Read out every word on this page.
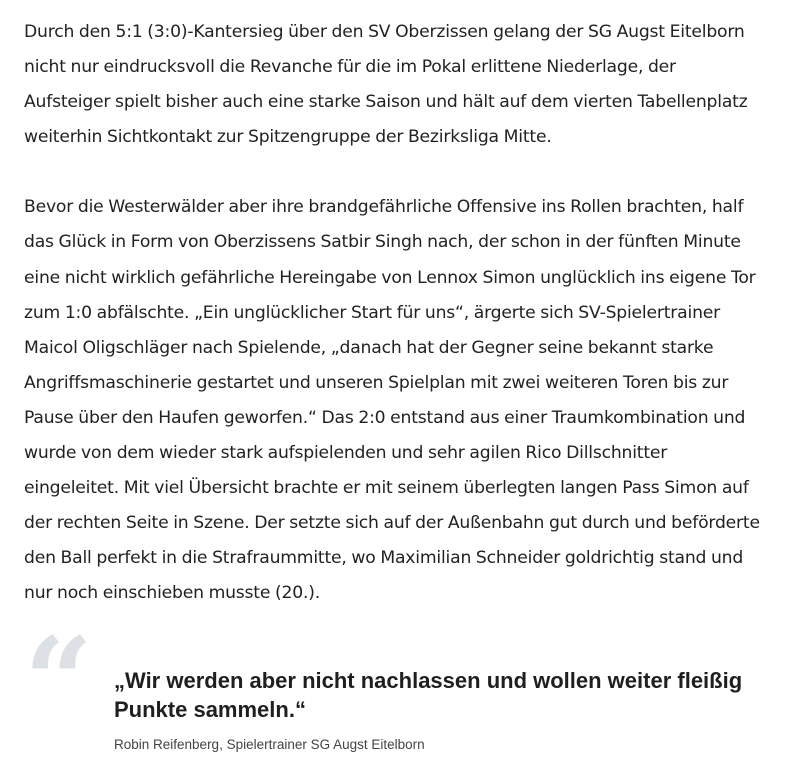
Durch den 5:1 (3:0)-Kantersieg über den SV Oberzissen gelang der SG Augst Eitelborn nicht nur eindrucksvoll die Revanche für die im Pokal erlittene Niederlage, der Aufsteiger spielt bisher auch eine starke Saison und hält auf dem vierten Tabellenplatz weiterhin Sichtkontakt zur Spitzengruppe der Bezirksliga Mitte.

Bevor die Westerwälder aber ihre brandgefährliche Offensive ins Rollen brachten, half das Glück in Form von Oberzissens Satbir Singh nach, der schon in der fünften Minute eine nicht wirklich gefährliche Hereingabe von Lennox Simon unglücklich ins eigene Tor zum 1:0 abfälschte. „Ein unglücklicher Start für uns“, ärgerte sich SV-Spielertrainer Maicol Oligschläger nach Spielende, „danach hat der Gegner seine bekannt starke Angriffsmaschinerie gestartet und unseren Spielplan mit zwei weiteren Toren bis zur Pause über den Haufen geworfen.“ Das 2:0 entstand aus einer Traumkombination und wurde von dem wieder stark aufspielenden und sehr agilen Rico Dillschnitter eingeleitet. Mit viel Übersicht brachte er mit seinem überlegten langen Pass Simon auf der rechten Seite in Szene. Der setzte sich auf der Außenbahn gut durch und beförderte den Ball perfekt in die Strafraummitte, wo Maximilian Schneider goldrichtig stand und nur noch einschieben musste (20.).

“ „Wir werden aber nicht nachlassen und wollen weiter fleißig Punkte sammeln.“

Robin Reifenberg, Spielertrainer SG Augst Eitelborn
